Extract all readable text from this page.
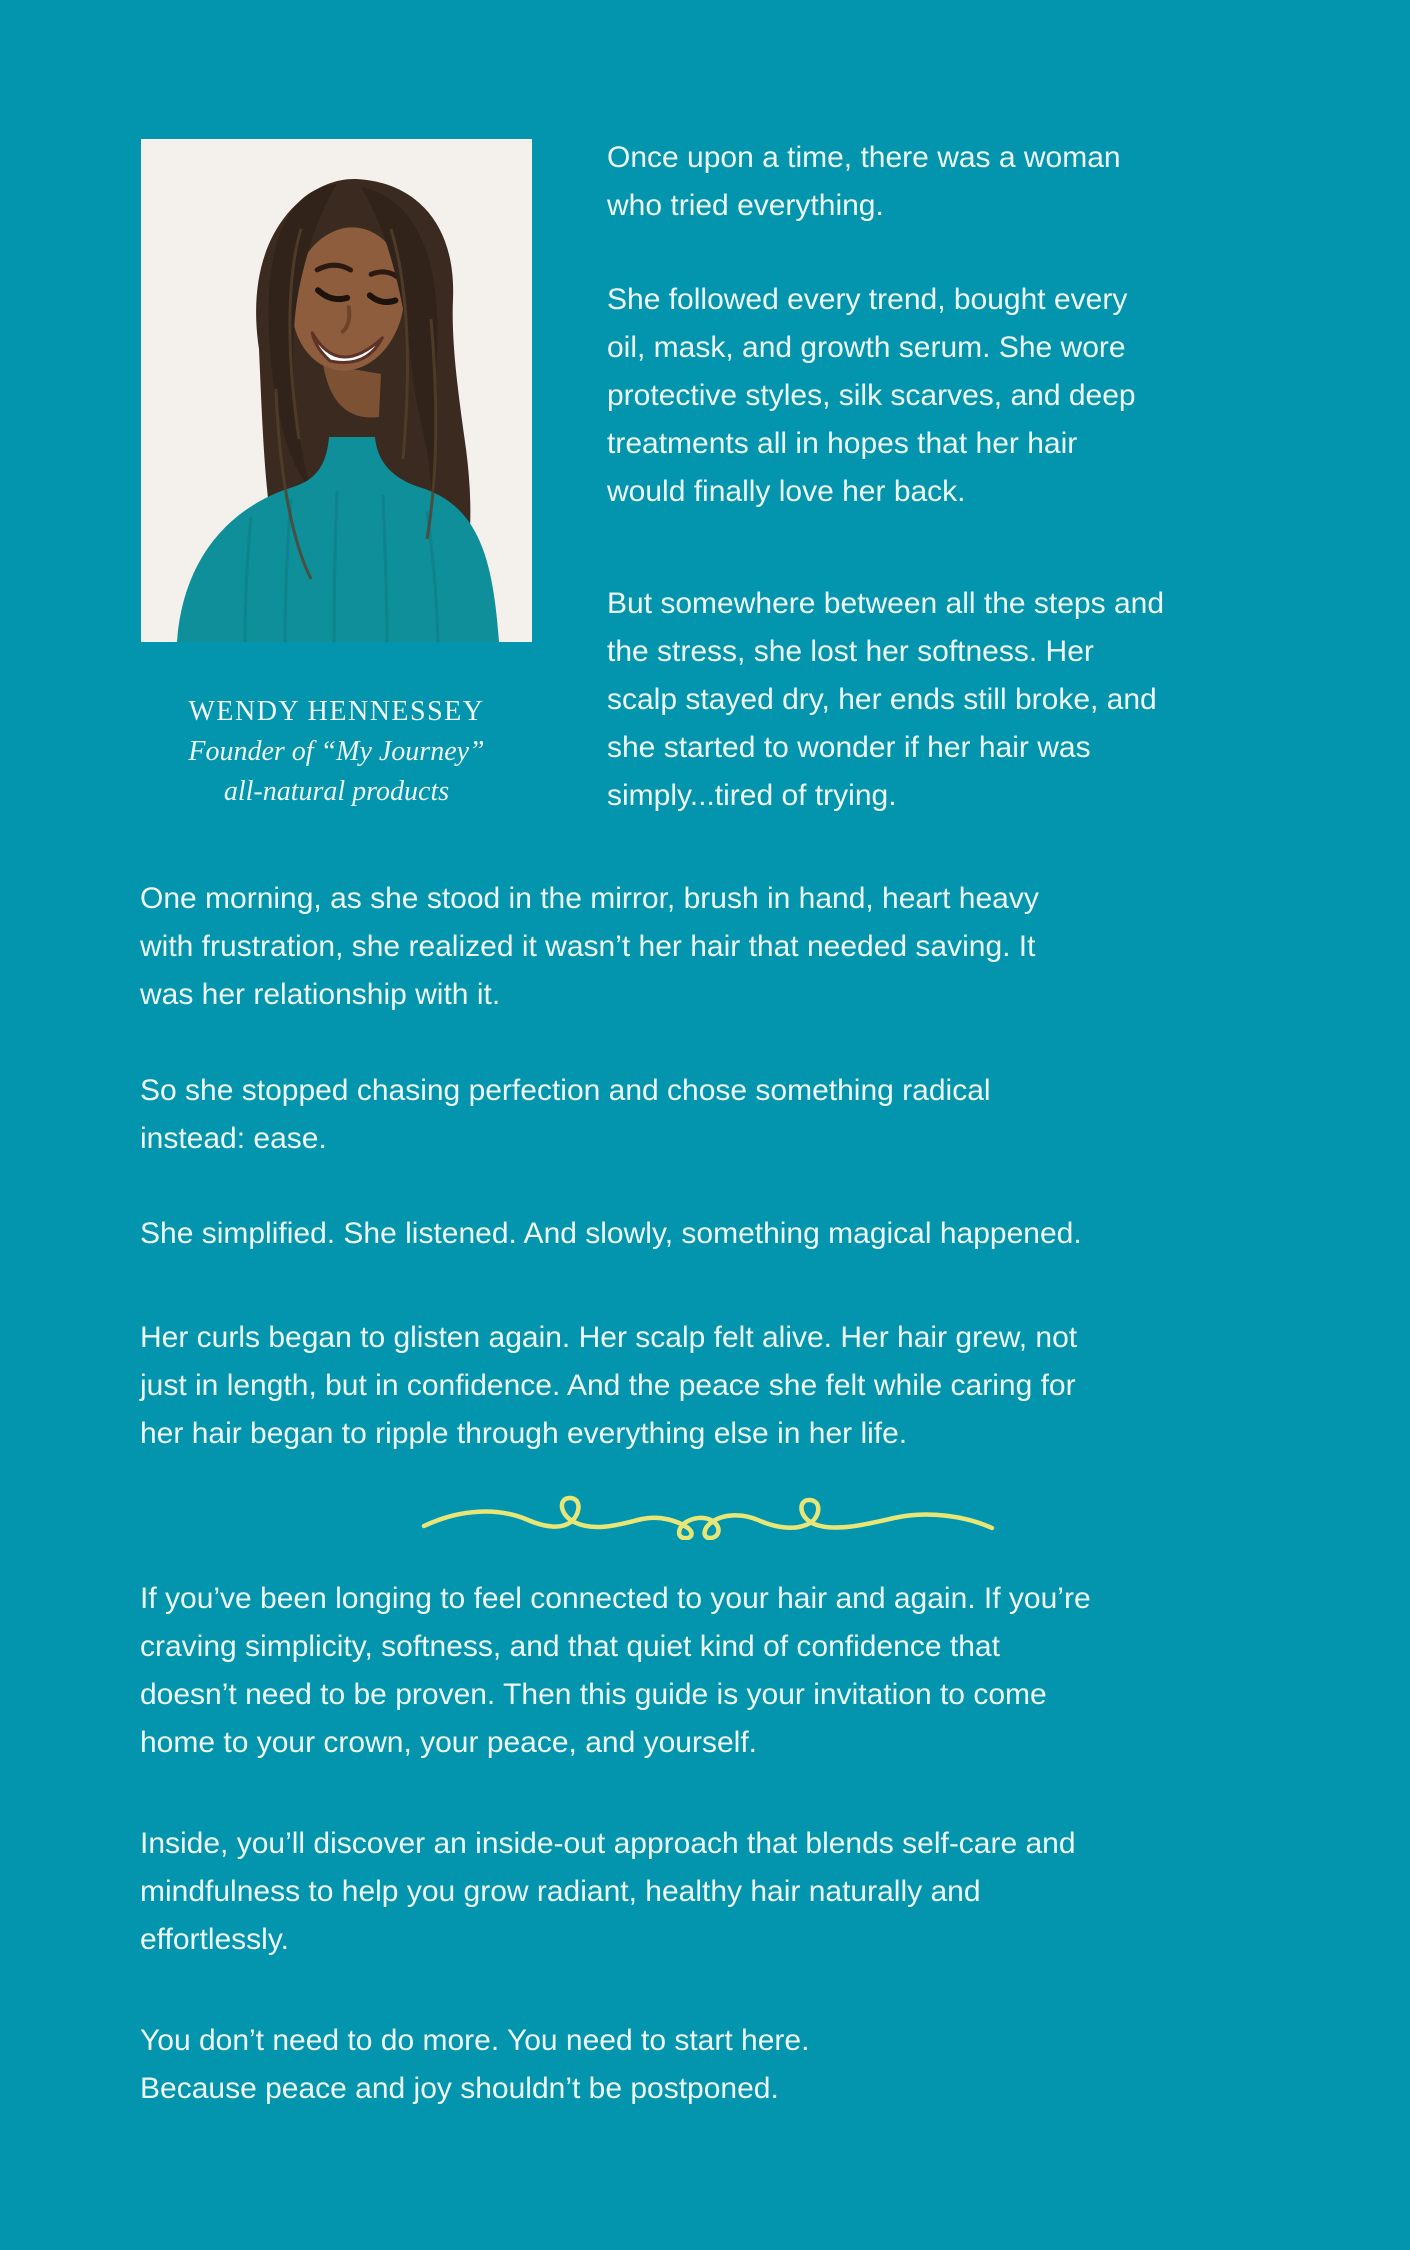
WENDY HENNESSEY
Founder of “My Journey”
all-natural products
Once upon a time, there was a woman
who tried everything.
She followed every trend, bought every
oil, mask, and growth serum. She wore
protective styles, silk scarves, and deep
treatments all in hopes that her hair
would finally love her back.
But somewhere between all the steps and
the stress, she lost her softness. Her
scalp stayed dry, her ends still broke, and
she started to wonder if her hair was
simply...tired of trying.
One morning, as she stood in the mirror, brush in hand, heart heavy
with frustration, she realized it wasn’t her hair that needed saving. It
was her relationship with it.
So she stopped chasing perfection and chose something radical
instead: ease.
She simplified. She listened. And slowly, something magical happened.
Her curls began to glisten again. Her scalp felt alive. Her hair grew, not
just in length, but in confidence. And the peace she felt while caring for
her hair began to ripple through everything else in her life.
If you’ve been longing to feel connected to your hair and again. If you’re
craving simplicity, softness, and that quiet kind of confidence that
doesn’t need to be proven. Then this guide is your invitation to come
home to your crown, your peace, and yourself.
Inside, you’ll discover an inside-out approach that blends self-care and
mindfulness to help you grow radiant, healthy hair naturally and
effortlessly.
You don’t need to do more. You need to start here.
Because peace and joy shouldn’t be postponed.
